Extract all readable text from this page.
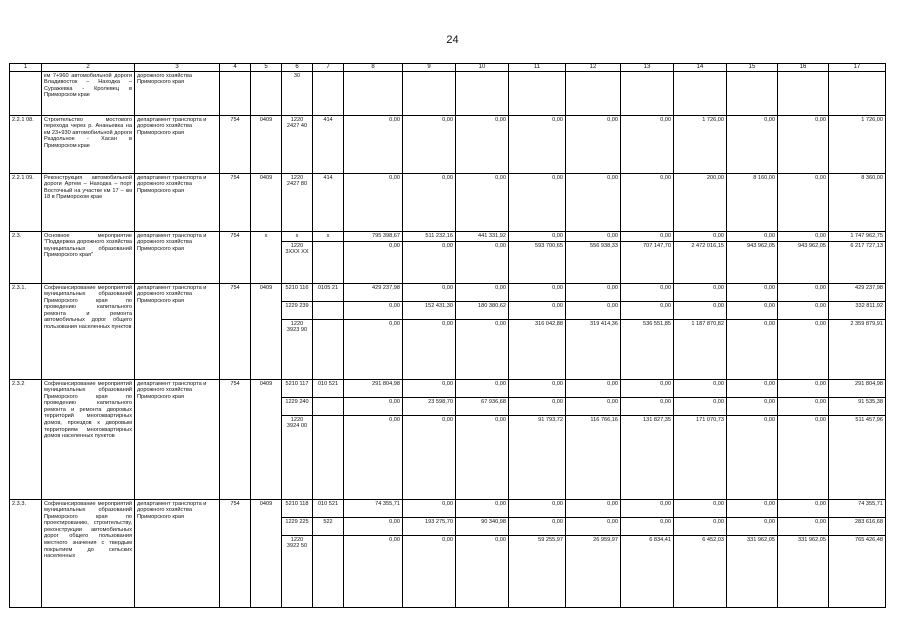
24
1	2	3	4	5	6	7	8	9	10	11	12	13	14	15	16	17
	км 7+960 автомобильной дороги Владивосток – Находка – Суражевка - Кролевец в Приморском крае	дорожного хозяйства Приморского края			30											
2.2.1 08.	Строительство мостового перехода через р. Ананьевка на км 23+930 автомобильной дороги Раздольное - Хасан в Приморском крае	департамент транспорта и дорожного хозяйства Приморского края	754	0409	1220 2427 40	414	0,00	0,00	0,00	0,00	0,00	0,00	1 726,00	0,00	0,00	1 726,00
2.2.1 09.	Реконструкция автомобильной дороги Артем – Находка – порт Восточный на участке км 17 – км 18 в Приморском крае	департамент транспорта и дорожного хозяйства Приморского края	754	0409	1220 2427 80	414	0,00	0,00	0,00	0,00	0,00	0,00	200,00	8 160,00	0,00	8 360,00
2.3.	Основное мероприятие "Поддержка дорожного хозяйства муниципальных образований Приморского края"	департамент транспорта и дорожного хозяйства Приморского края	754	х	х	х	795 398,67	511 232,16	441 331,92	0,00	0,00	0,00	0,00	0,00	0,00	1 747 962,75
					1220 3ХХХ ХХ		0,00	0,00	0,00	593 700,65	556 938,33	707 147,70	2 472 016,15	943 962,05	943 962,05	6 217 727,13
2.3.1.	Софинансирование мероприятий муниципальных образований Приморского края по проведению капитального ремонта и ремонта автомобильных дорог общего пользования населенных пунктов	департамент транспорта и дорожного хозяйства Приморского края	754	0409	5210 116	0105 21	429 237,98	0,00	0,00	0,00	0,00	0,00	0,00	0,00	0,00	429 237,98
					1229 239		0,00	152 431,30	180 380,62	0,00	0,00	0,00	0,00	0,00	0,00	332 811,92
					1220 3923 90		0,00	0,00	0,00	316 042,88	319 414,36	536 551,85	1 187 870,82	0,00	0,00	2 359 879,91
2.3.2	Софинансирование мероприятий муниципальных образований Приморского края по проведению капитального ремонта и ремонта дворовых территорий многоквартирных домов, проездов к дворовым территориям многоквартирных домов населенных пунктов	департамент транспорта и дорожного хозяйства Приморского края	754	0409	5210 117	010 521	291 804,98	0,00	0,00	0,00	0,00	0,00	0,00	0,00	0,00	291 804,98
					1229 240		0,00	23 598,70	67 936,68	0,00	0,00	0,00	0,00	0,00	0,00	91 535,38
					1220 3924 00		0,00	0,00	0,00	91 793,72	116 766,16	131 827,35	171 070,73	0,00	0,00	511 457,96
2.3.3.	Софинансирование мероприятий муниципальных образований Приморского края по проектированию, строительству, реконструкции автомобильных дорог общего пользования местного значения с твердым покрытием до сельских населенных	департамент транспорта и дорожного хозяйства Приморского края	754	0409	5210 118	010 521	74 355,71	0,00	0,00	0,00	0,00	0,00	0,00	0,00	0,00	74 355,71
					1229 225	522	0,00	193 275,70	90 340,98	0,00	0,00	0,00	0,00	0,00	0,00	283 616,68
					1220 3922 50		0,00	0,00	0,00	59 255,97	26 959,97	6 834,41	6 452,03	331 962,05	331 962,05	765 426,48
